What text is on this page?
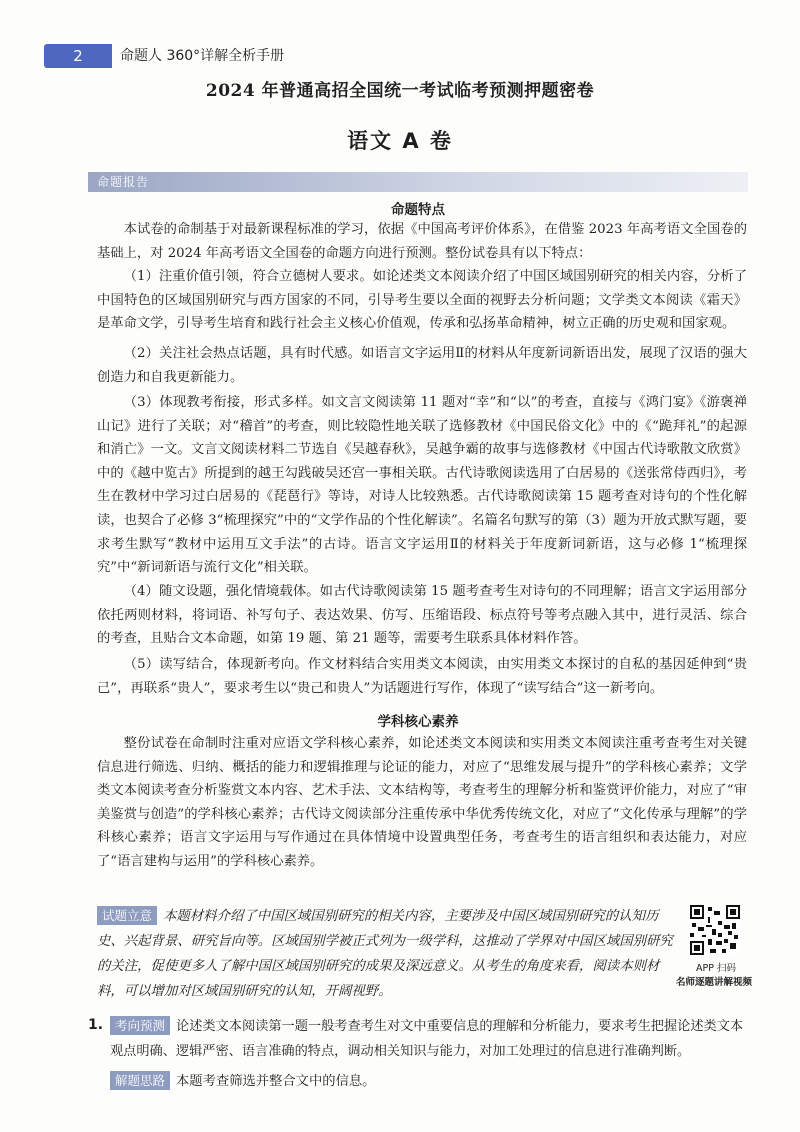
2	命题人 360°详解全析手册
2024 年普通高招全国统一考试临考预测押题密卷
语文 A 卷
命题报告
命题特点
本试卷的命制基于对最新课程标准的学习，依据《中国高考评价体系》，在借鉴 2023 年高考语文全国卷的基础上，对 2024 年高考语文全国卷的命题方向进行预测。整份试卷具有以下特点：
（1）注重价值引领，符合立德树人要求。如论述类文本阅读介绍了中国区域国别研究的相关内容，分析了中国特色的区域国别研究与西方国家的不同，引导考生要以全面的视野去分析问题；文学类文本阅读《霜天》是革命文学，引导考生培育和践行社会主义核心价值观，传承和弘扬革命精神，树立正确的历史观和国家观。
（2）关注社会热点话题，具有时代感。如语言文字运用Ⅱ的材料从年度新词新语出发，展现了汉语的强大创造力和自我更新能力。
（3）体现教考衔接，形式多样。如文言文阅读第 11 题对“幸”和“以”的考查，直接与《鸿门宴》《游褒禅山记》进行了关联；对“稽首”的考查，则比较隐性地关联了选修教材《中国民俗文化》中的《“跪拜礼”的起源和消亡》一文。文言文阅读材料二节选自《吴越春秋》，吴越争霸的故事与选修教材《中国古代诗歌散文欣赏》中的《越中览古》所提到的越王勾践破吴还宫一事相关联。古代诗歌阅读选用了白居易的《送张常侍西归》，考生在教材中学习过白居易的《琵琶行》等诗，对诗人比较熟悉。古代诗歌阅读第 15 题考查对诗句的个性化解读，也契合了必修 3“梳理探究”中的“文学作品的个性化解读”。名篇名句默写的第（3）题为开放式默写题，要求考生默写“教材中运用互文手法”的古诗。语言文字运用Ⅱ的材料关于年度新词新语，这与必修 1“梳理探究”中“新词新语与流行文化”相关联。
（4）随文设题，强化情境载体。如古代诗歌阅读第 15 题考查考生对诗句的不同理解；语言文字运用部分依托两则材料，将词语、补写句子、表达效果、仿写、压缩语段、标点符号等考点融入其中，进行灵活、综合的考查，且贴合文本命题，如第 19 题、第 21 题等，需要考生联系具体材料作答。
（5）读写结合，体现新考向。作文材料结合实用类文本阅读，由实用类文本探讨的自私的基因延伸到“贵己”，再联系“贵人”，要求考生以“贵己和贵人”为话题进行写作，体现了“读写结合”这一新考向。
学科核心素养
整份试卷在命制时注重对应语文学科核心素养，如论述类文本阅读和实用类文本阅读注重考查考生对关键信息进行筛选、归纳、概括的能力和逻辑推理与论证的能力，对应了“思维发展与提升”的学科核心素养；文学类文本阅读考查分析鉴赏文本内容、艺术手法、文本结构等，考查考生的理解分析和鉴赏评价能力，对应了“审美鉴赏与创造”的学科核心素养；古代诗文阅读部分注重传承中华优秀传统文化，对应了“文化传承与理解”的学科核心素养；语言文字运用与写作通过在具体情境中设置典型任务，考查考生的语言组织和表达能力，对应了“语言建构与运用”的学科核心素养。
试题立意 本题材料介绍了中国区域国别研究的相关内容，主要涉及中国区域国别研究的认知历史、兴起背景、研究旨向等。区域国别学被正式列为一级学科，这推动了学界对中国区域国别研究的关注，促使更多人了解中国区域国别研究的成果及深远意义。从考生的角度来看，阅读本则材料，可以增加对区域国别研究的认知，开阔视野。
APP 扫码
名师逐题讲解视频
1. 考向预测 论述类文本阅读第一题一般考查考生对文中重要信息的理解和分析能力，要求考生把握论述类文本观点明确、逻辑严密、语言准确的特点，调动相关知识与能力，对加工处理过的信息进行准确判断。
解题思路 本题考查筛选并整合文中的信息。
